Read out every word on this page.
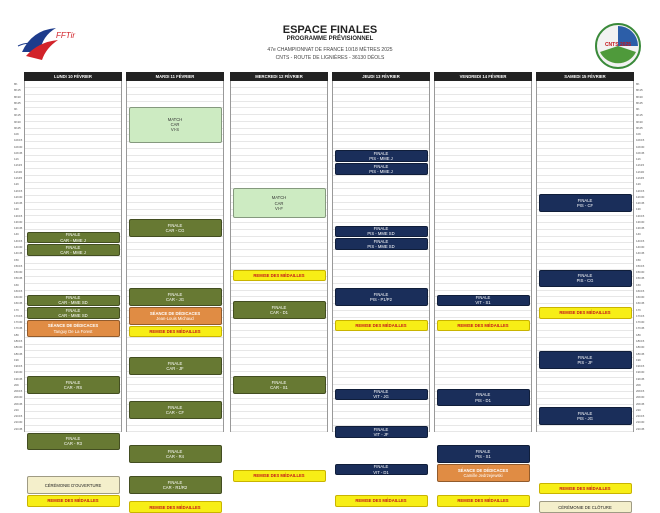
FFTir
CNTS 2025
ESPACE FINALES
PROGRAMME PRÉVISIONNEL
47e CHAMPIONNAT DE FRANCE 10/18 MÈTRES 2025
CNTS - ROUTE DE LIGNIÈRES - 36130 DÉOLS
8h
8h15
8h30
8h45
9h
9h15
9h30
9h45
10h
10h15
10h30
10h45
11h
11h15
11h30
11h45
12h
12h15
12h30
12h45
13h
13h15
13h30
13h45
14h
14h15
14h30
14h45
15h
15h15
15h30
15h45
16h
16h15
16h30
16h45
17h
17h15
17h30
17h45
18h
18h15
18h30
18h45
19h
19h15
19h30
19h45
20h
20h15
20h30
20h45
21h
21h15
21h30
21h45
8h
8h15
8h30
8h45
9h
9h15
9h30
9h45
10h
10h15
10h30
10h45
11h
11h15
11h30
11h45
12h
12h15
12h30
12h45
13h
13h15
13h30
13h45
14h
14h15
14h30
14h45
15h
15h15
15h30
15h45
16h
16h15
16h30
16h45
17h
17h15
17h30
17h45
18h
18h15
18h30
18h45
19h
19h15
19h30
19h45
20h
20h15
20h30
20h45
21h
21h15
21h30
21h45
LUNDI 10 FÉVRIER
FINALE
CAR - MME J
FINALE
CAR - MME J
FINALE
CAR - MME SD
FINALE
CAR - MME SD
SÉANCE DE DÉDICACES
Tanguy De La Forest
FINALE
CAR - RS
FINALE
CAR - R3
CÉRÉMONIE D'OUVERTURE
REMISE DES MÉDAILLES
MARDI 11 FÉVRIER
MATCH
CAR
VI-S
FINALE
CAR - CG
FINALE
CAR - JG
SÉANCE DE DÉDICACES
Jean-Louis Michaud
REMISE DES MÉDAILLES
FINALE
CAR - JF
FINALE
CAR - CF
FINALE
CAR - R4
FINALE
CAR - R1/R2
REMISE DES MÉDAILLES
MERCREDI 12 FÉVRIER
MATCH
CAR
VI-F
REMISE DES MÉDAILLES
FINALE
CAR - D1
FINALE
CAR - S1
REMISE DES MÉDAILLES
JEUDI 13 FÉVRIER
FINALE
PIS - MME J
FINALE
PIS - MME J
FINALE
PIS - MME SD
FINALE
PIS - MME SD
FINALE
PIS - P1/P2
REMISE DES MÉDAILLES
FINALE
VIT - JG
FINALE
VIT - JF
FINALE
VIT - D1
REMISE DES MÉDAILLES
VENDREDI 14 FÉVRIER
FINALE
VIT - S1
REMISE DES MÉDAILLES
FINALE
PIS - D1
FINALE
PIS - S1
SÉANCE DE DÉDICACES
Camille Jedrzejewski
REMISE DES MÉDAILLES
SAMEDI 15 FÉVRIER
FINALE
PIS - CF
FINALE
PIS - CG
REMISE DES MÉDAILLES
FINALE
PIS - JF
FINALE
PIS - JG
REMISE DES MÉDAILLES
CÉRÉMONIE DE CLÔTURE
